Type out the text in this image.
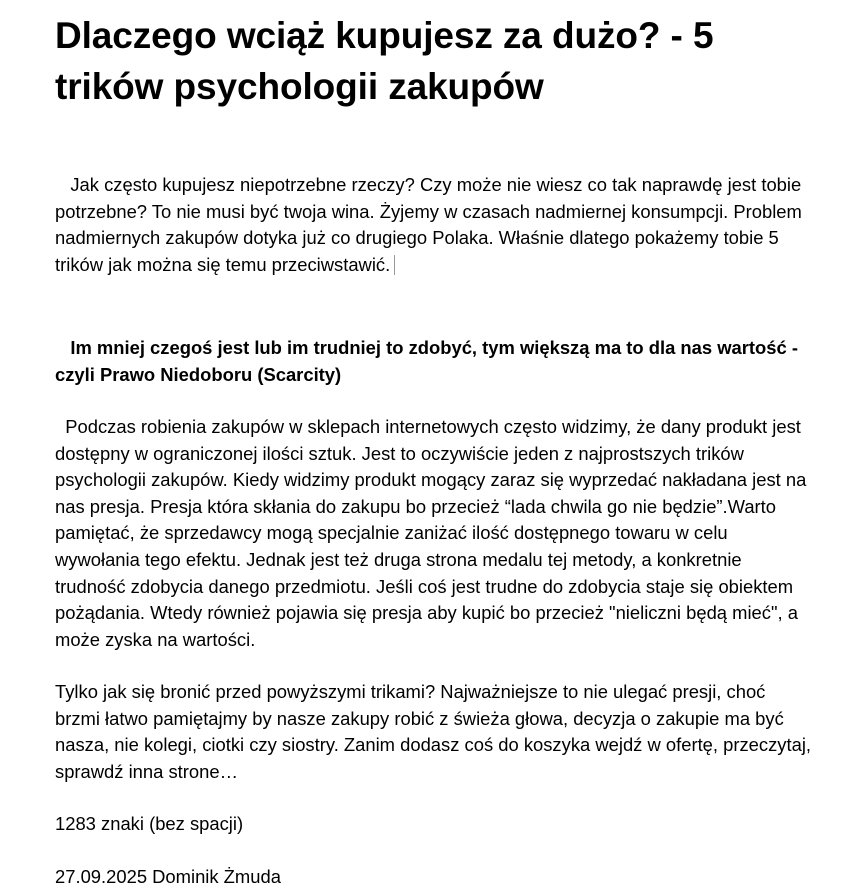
Dlaczego wciąż kupujesz za dużo? - 5 trików psychologii zakupów

Jak często kupujesz niepotrzebne rzeczy? Czy może nie wiesz co tak naprawdę jest tobie potrzebne? To nie musi być twoja wina. Żyjemy w czasach nadmiernej konsumpcji. Problem nadmiernych zakupów dotyka już co drugiego Polaka. Właśnie dlatego pokażemy tobie 5 trików jak można się temu przeciwstawić.

Im mniej czegoś jest lub im trudniej to zdobyć, tym większą ma to dla nas wartość - czyli Prawo Niedoboru (Scarcity)

Podczas robienia zakupów w sklepach internetowych często widzimy, że dany produkt jest dostępny w ograniczonej ilości sztuk. Jest to oczywiście jeden z najprostszych trików psychologii zakupów. Kiedy widzimy produkt mogący zaraz się wyprzedać nakładana jest na nas presja. Presja która skłania do zakupu bo przecież “lada chwila go nie będzie”.Warto pamiętać, że sprzedawcy mogą specjalnie zaniżać ilość dostępnego towaru w celu wywołania tego efektu. Jednak jest też druga strona medalu tej metody, a konkretnie trudność zdobycia danego przedmiotu. Jeśli coś jest trudne do zdobycia staje się obiektem pożądania. Wtedy również pojawia się presja aby kupić bo przecież "nieliczni będą mieć", a może zyska na wartości.

Tylko jak się bronić przed powyższymi trikami? Najważniejsze to nie ulegać presji, choć brzmi łatwo pamiętajmy by nasze zakupy robić z świeża głowa, decyzja o zakupie ma być nasza, nie kolegi, ciotki czy siostry. Zanim dodasz coś do koszyka wejdź w ofertę, przeczytaj, sprawdź inna strone…

1283 znaki (bez spacji)

27.09.2025 Dominik Żmuda
